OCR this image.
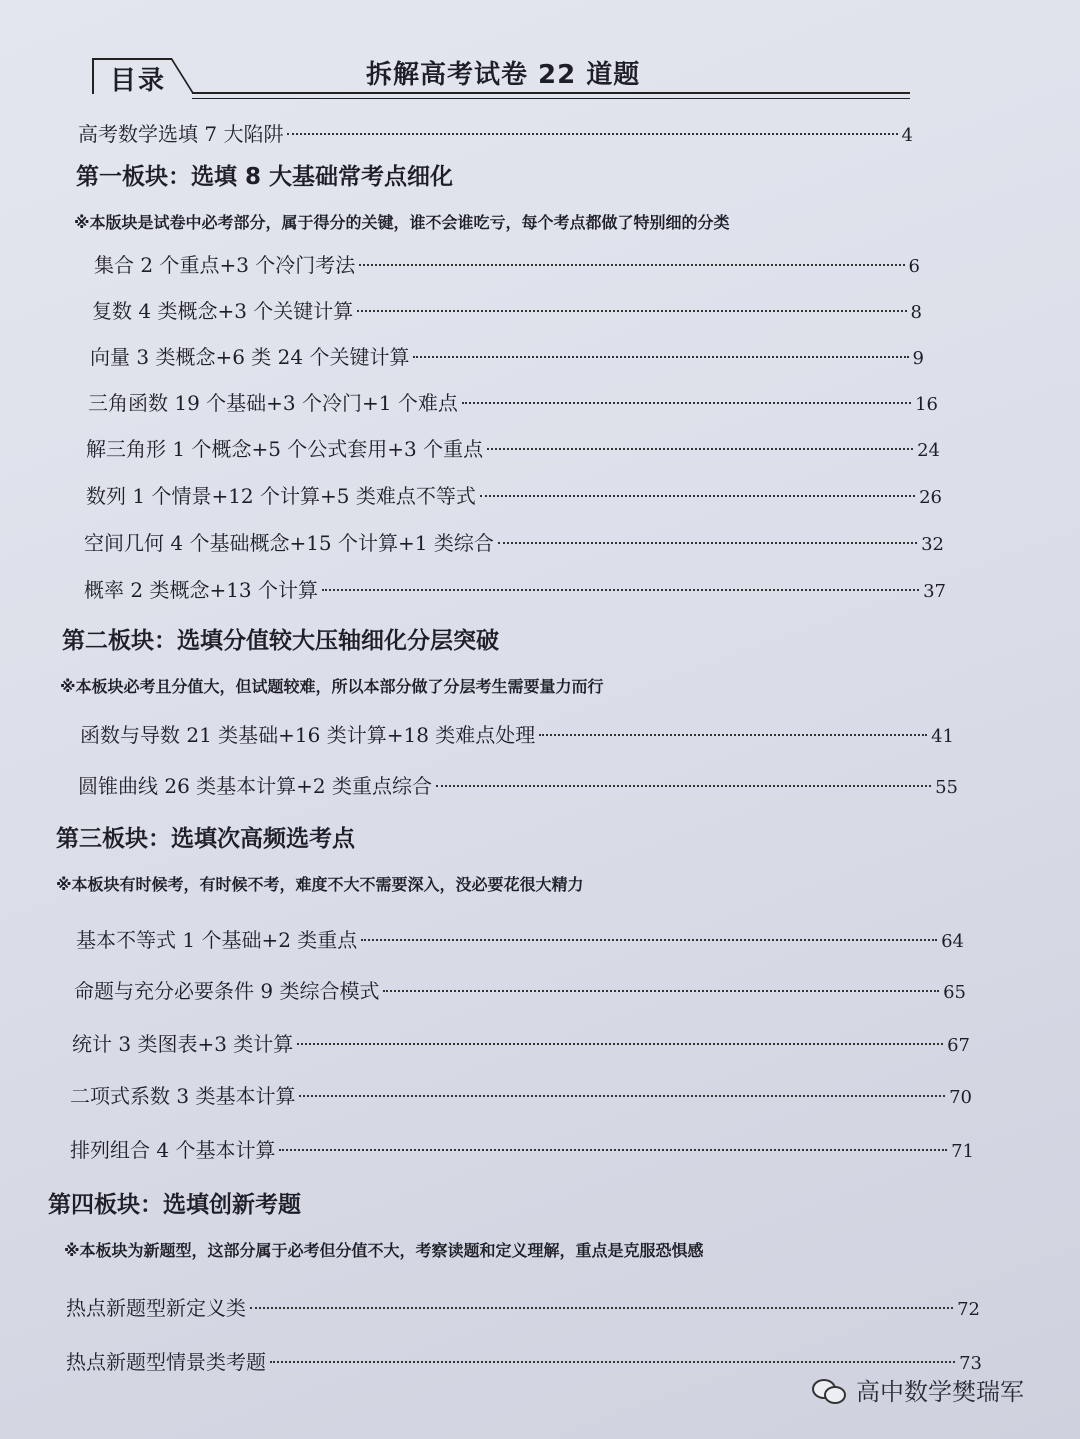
目录	拆解高考试卷 22 道题
高考数学选填 7 大陷阱	4
第一板块：选填 8 大基础常考点细化
※本版块是试卷中必考部分，属于得分的关键，谁不会谁吃亏，每个考点都做了特别细的分类
集合 2 个重点+3 个冷门考法	6
复数 4 类概念+3 个关键计算	8
向量 3 类概念+6 类 24 个关键计算	9
三角函数 19 个基础+3 个冷门+1 个难点	16
解三角形 1 个概念+5 个公式套用+3 个重点	24
数列 1 个情景+12 个计算+5 类难点不等式	26
空间几何 4 个基础概念+15 个计算+1 类综合	32
概率 2 类概念+13 个计算	37
第二板块：选填分值较大压轴细化分层突破
※本板块必考且分值大，但试题较难，所以本部分做了分层考生需要量力而行
函数与导数 21 类基础+16 类计算+18 类难点处理	41
圆锥曲线 26 类基本计算+2 类重点综合	55
第三板块：选填次高频选考点
※本板块有时候考，有时候不考，难度不大不需要深入，没必要花很大精力
基本不等式 1 个基础+2 类重点	64
命题与充分必要条件 9 类综合模式	65
统计 3 类图表+3 类计算	67
二项式系数 3 类基本计算	70
排列组合 4 个基本计算	71
第四板块：选填创新考题
※本板块为新题型，这部分属于必考但分值不大，考察读题和定义理解，重点是克服恐惧感
热点新题型新定义类	72
热点新题型情景类考题	73
高中数学樊瑞军
